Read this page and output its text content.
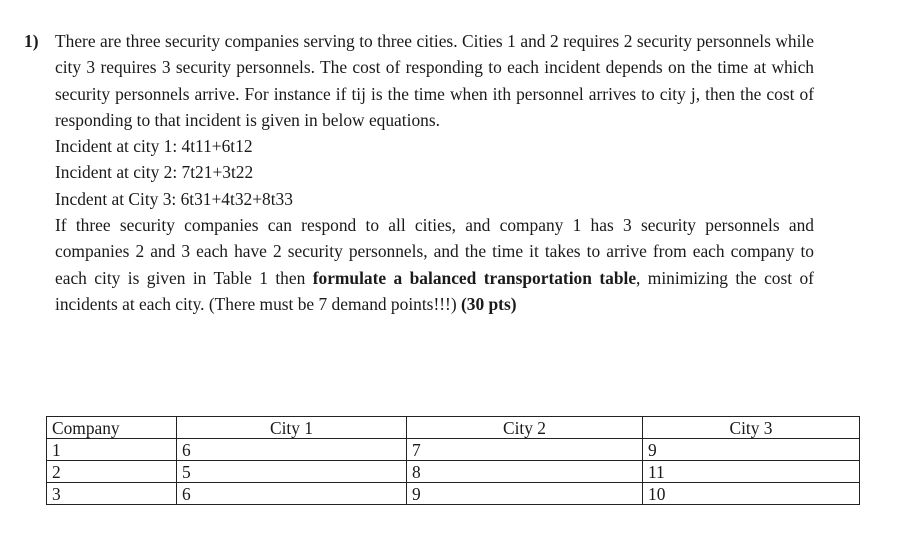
1) There are three security companies serving to three cities. Cities 1 and 2 requires 2 security personnels while city 3 requires 3 security personnels. The cost of responding to each incident depends on the time at which security personnels arrive. For instance if tij is the time when ith personnel arrives to city j, then the cost of responding to that incident is given in below equations.

Incident at city 1: 4t11+6t12

Incident at city 2: 7t21+3t22

Incdent at City 3: 6t31+4t32+8t33

If three security companies can respond to all cities, and company 1 has 3 security personnels and companies 2 and 3 each have 2 security personnels, and the time it takes to arrive from each company to each city is given in Table 1 then formulate a balanced transportation table, minimizing the cost of incidents at each city. (There must be 7 demand points!!!) (30 pts)

Company	City 1	City 2	City 3
1	6	7	9
2	5	8	11
3	6	9	10
